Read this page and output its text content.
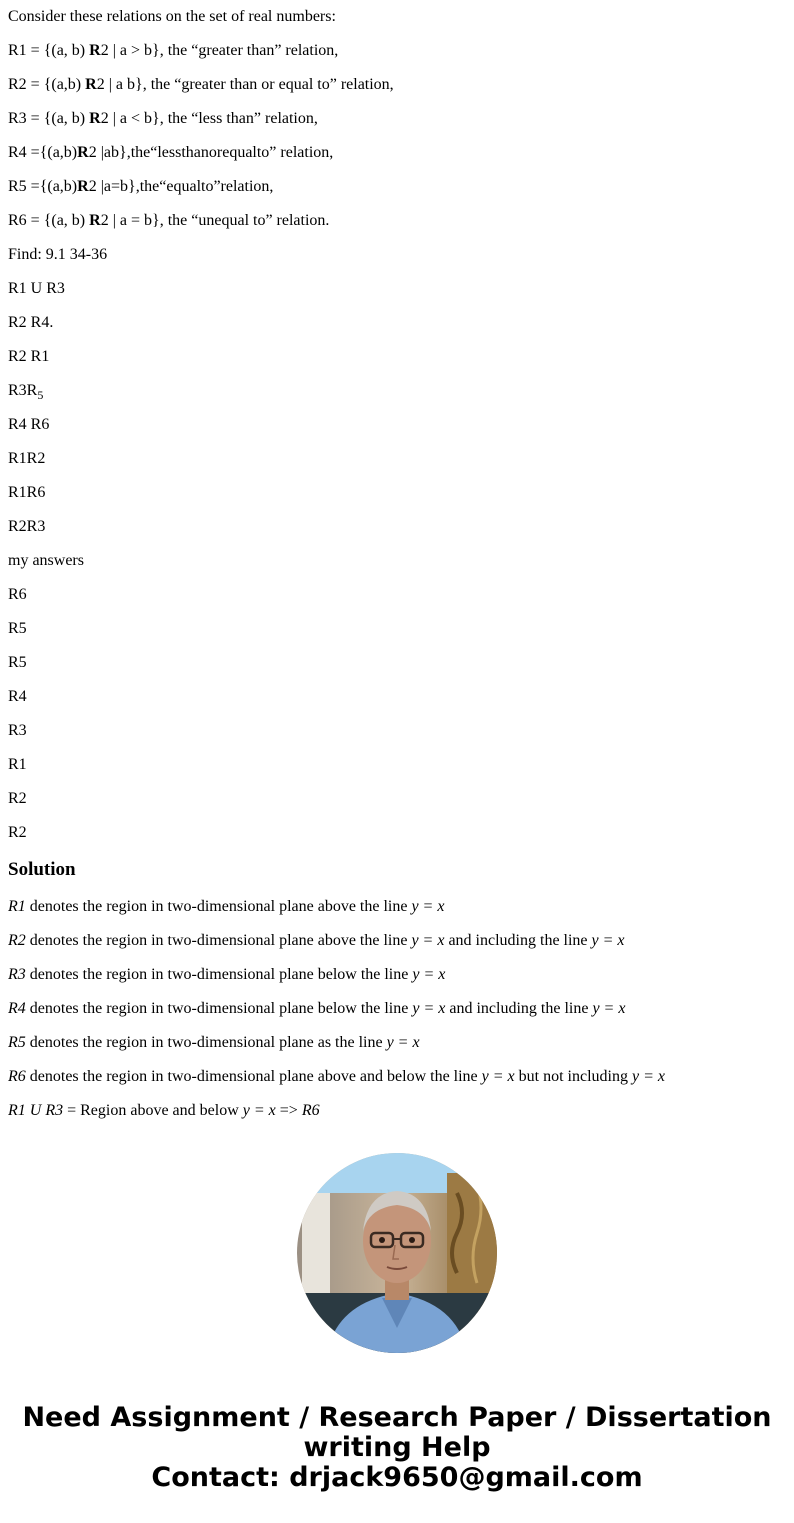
Consider these relations on the set of real numbers:

R1 = {(a, b) R2 | a > b}, the “greater than” relation,

R2 = {(a,b) R2 | a b}, the “greater than or equal to” relation,

R3 = {(a, b) R2 | a < b}, the “less than” relation,

R4 ={(a,b)R2 |ab},the“lessthanorequalto” relation,

R5 ={(a,b)R2 |a=b},the“equalto”relation,

R6 = {(a, b) R2 | a = b}, the “unequal to” relation.

Find: 9.1 34-36

R1 U R3

R2 R4.

R2 R1

$R3R_5$

R4 R6

R1R2

R1R6

R2R3

my answers

R6

R5

R5

R4

R3

R1

R2

R2

Solution

R1 denotes the region in two-dimensional plane above the line y = x

R2 denotes the region in two-dimensional plane above the line y = x and including the line y = x

R3 denotes the region in two-dimensional plane below the line y = x

R4 denotes the region in two-dimensional plane below the line y = x and including the line y = x

R5 denotes the region in two-dimensional plane as the line y = x

R6 denotes the region in two-dimensional plane above and below the line y = x but not including y = x

R1 U R3 = Region above and below y = x => R6

Need Assignment / Research Paper / Dissertation
writing Help
Contact: drjack9650@gmail.com
